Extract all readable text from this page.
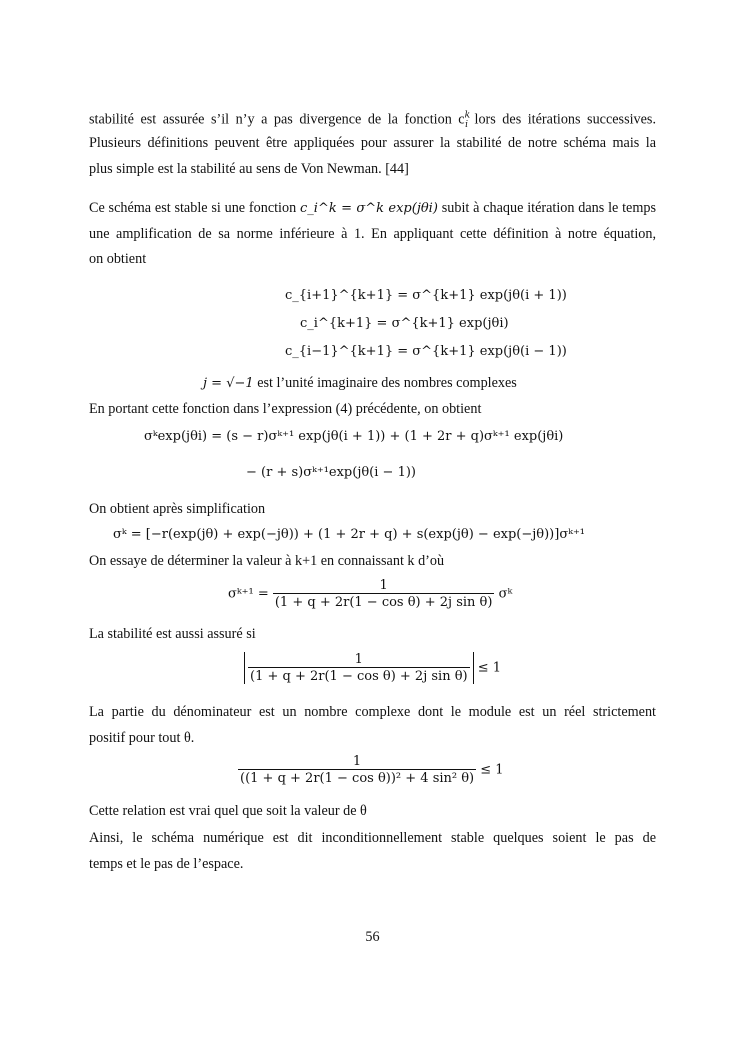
stabilité est assurée s’il n’y a pas divergence de la fonction $c^k_i$ lors des itérations successives.
Plusieurs définitions peuvent être appliquées pour assurer la stabilité de notre schéma mais la
plus simple est la stabilité au sens de Von Newman. [44]
Ce schéma est stable si une fonction c_i^k = σ^k exp(jθi) subit à chaque itération dans le temps
une amplification de sa norme inférieure à 1. En appliquant cette définition à notre équation,
on obtient
c_{i+1}^{k+1} = σ^{k+1} exp(jθ(i + 1))
c_i^{k+1} = σ^{k+1} exp(jθi)
c_{i−1}^{k+1} = σ^{k+1} exp(jθ(i − 1))
j = √−1 est l’unité imaginaire des nombres complexes
En portant cette fonction dans l’expression (4) précédente, on obtient
σᵏexp(jθi) = (s − r)σᵏ⁺¹ exp(jθ(i + 1)) + (1 + 2r + q)σᵏ⁺¹ exp(jθi)
− (r + s)σᵏ⁺¹exp(jθ(i − 1))
On obtient après simplification
σᵏ = [−r(exp(jθ) + exp(−jθ)) + (1 + 2r + q) + s(exp(jθ) − exp(−jθ))]σᵏ⁺¹
On essaye de déterminer la valeur à k+1 en connaissant k d’où
σᵏ⁺¹ = $\frac{1}{\text{(1 + q + 2r(1 − cos θ) + 2j sin θ)}}$ σᵏ
La stabilité est aussi assuré si
$\frac{1}{\text{(1 + q + 2r(1 − cos θ) + 2j sin θ)}} \le 1$
La partie du dénominateur est un nombre complexe dont le module est un réel strictement
positif pour tout θ.
$\frac{1}{\text{((1 + q + 2r(1 − cos θ))² + 4 sin² θ)}} \le 1$
Cette relation est vrai quel que soit la valeur de θ
Ainsi, le schéma numérique est dit inconditionnellement stable quelques soient le pas de
temps et le pas de l’espace.
56
